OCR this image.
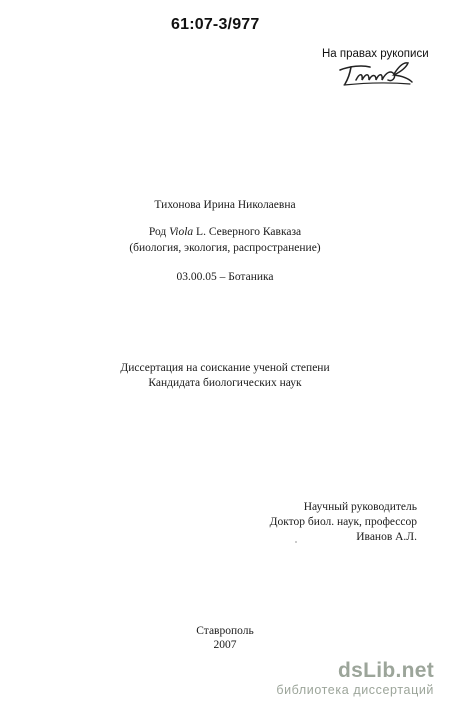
61:07-3/977
На правах рукописи
Тихонова Ирина Николаевна
Род Viola L. Северного Кавказа
(биология, экология, распространение)
03.00.05 – Ботаника
Диссертация на соискание ученой степени
Кандидата биологических наук
Научный руководитель
Доктор биол. наук, профессор
Иванов А.Л.
Ставрополь
2007
dsLib.net
библиотека диссертаций
